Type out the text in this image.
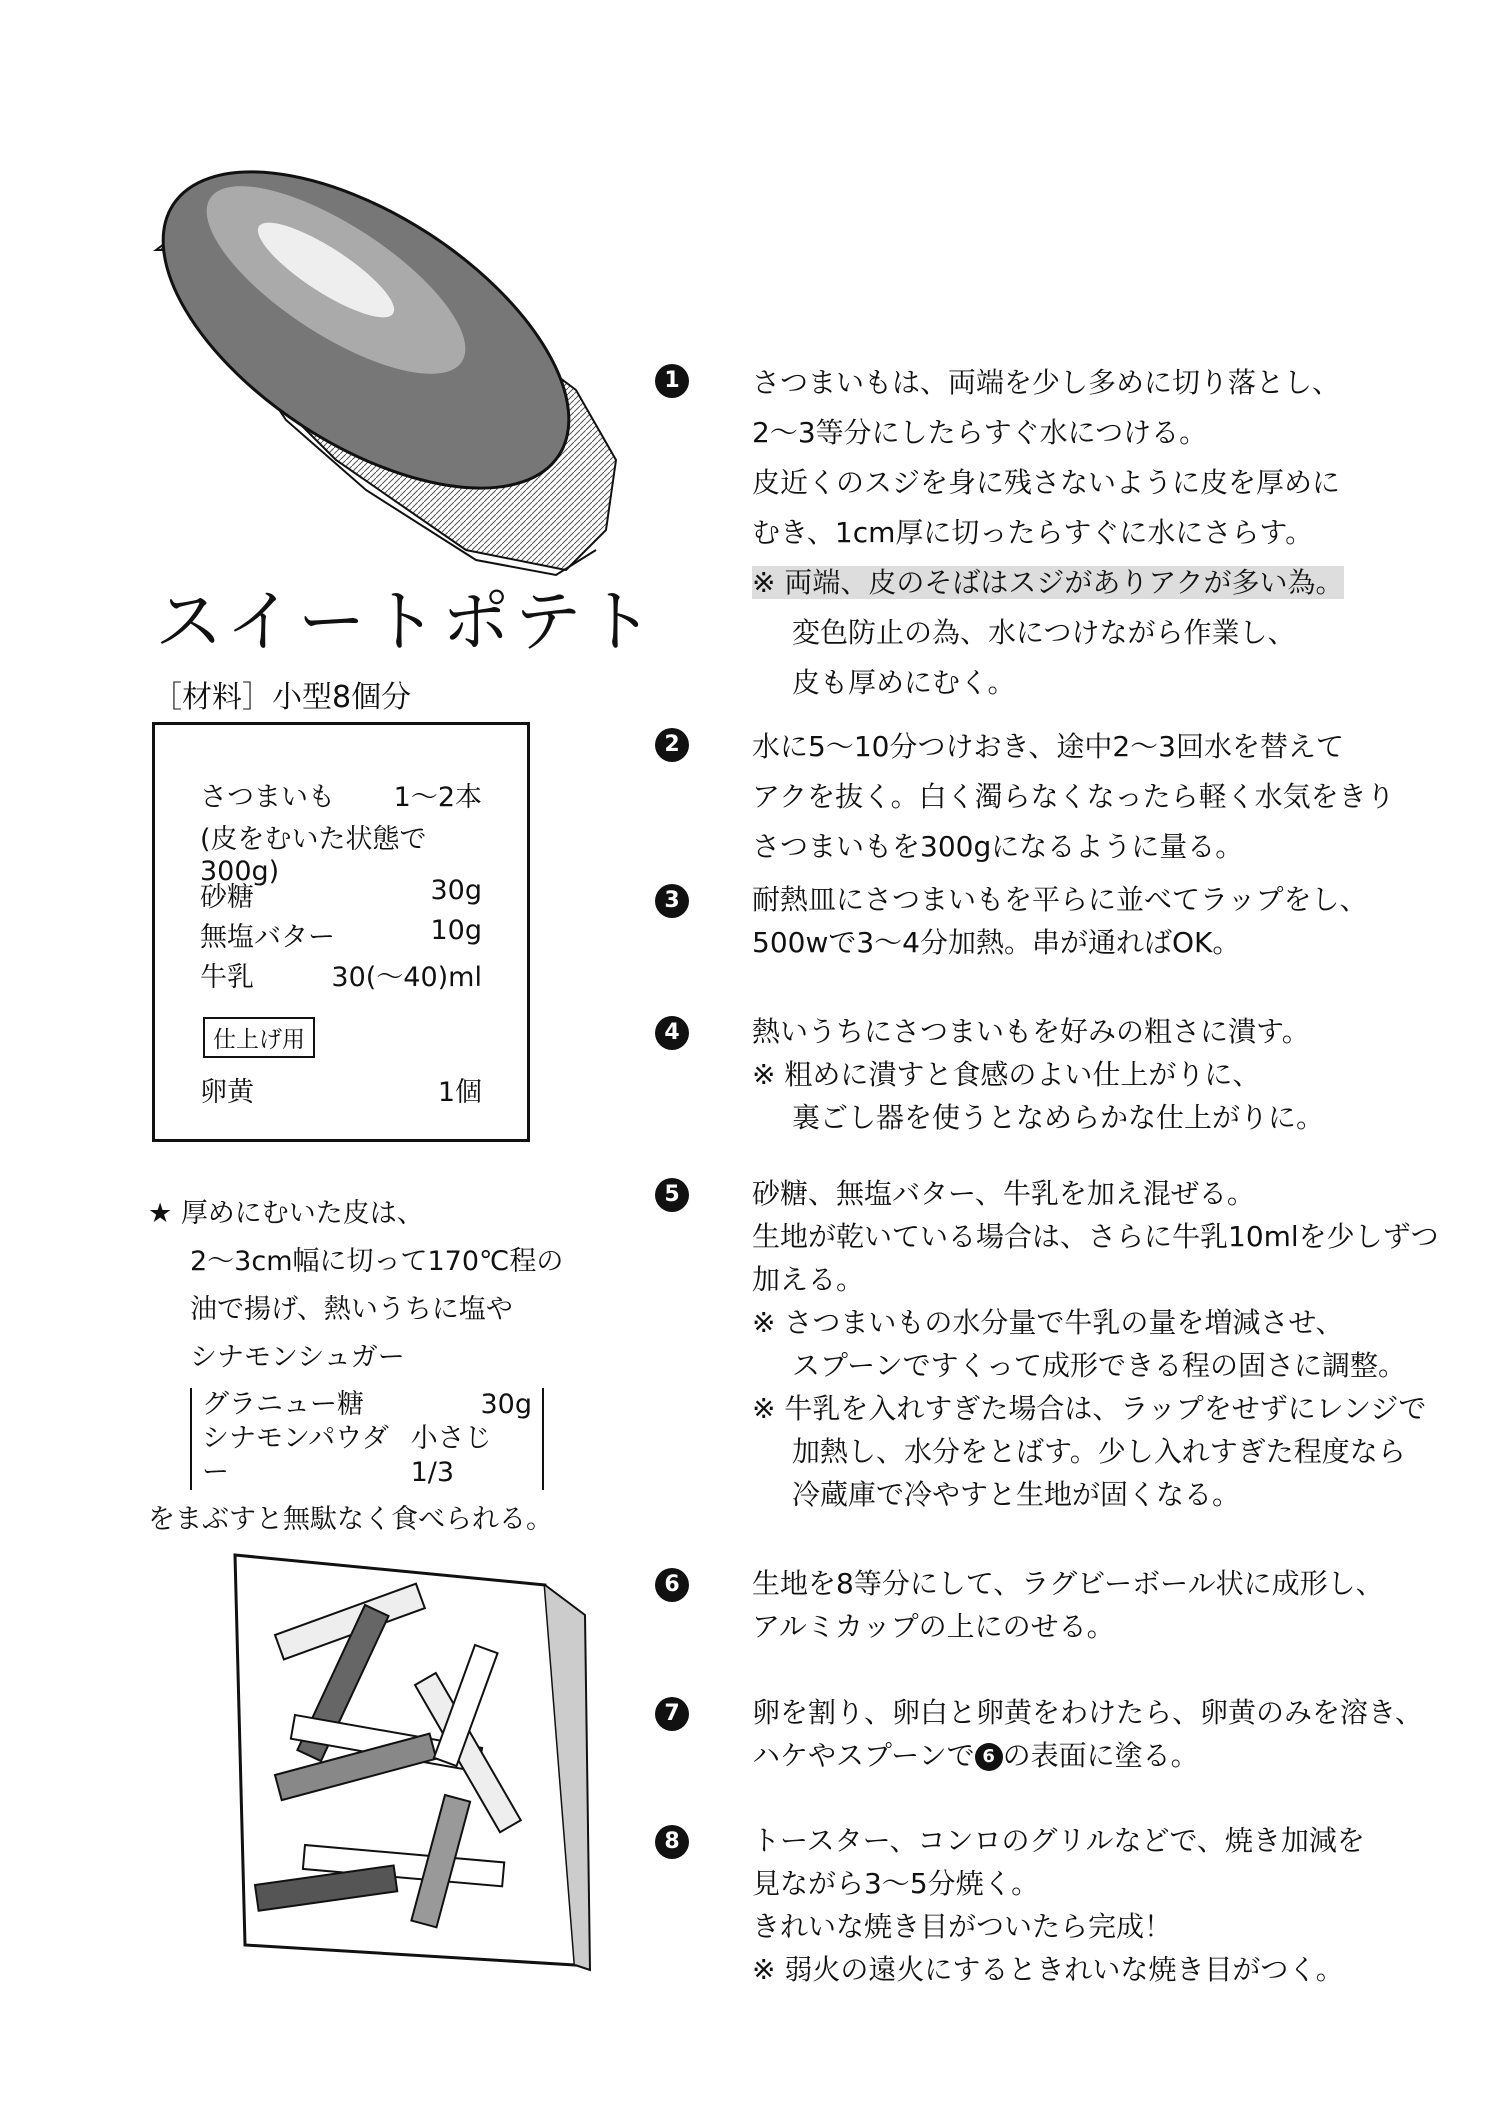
スイートポテト
［材料］小型8個分
さつまいも 1〜2本
(皮をむいた状態で300g)
砂糖	30g
無塩バター	10g
牛乳	30(〜40)ml
仕上げ用
卵黄	1個
★ 厚めにむいた皮は、
2〜3cm幅に切って170℃程の
油で揚げ、熱いうちに塩や
シナモンシュガー
グラニュー糖	30g
シナモンパウダー
小さじ1/3
をまぶすと無駄なく食べられる。
1	さつまいもは、両端を少し多めに切り落とし、
2〜3等分にしたらすぐ水につける。
皮近くのスジを身に残さないように皮を厚めに
むき、1cm厚に切ったらすぐに水にさらす。
※ 両端、皮のそばはスジがありアクが多い為。
変色防止の為、水につけながら作業し、
皮も厚めにむく。
2	水に5〜10分つけおき、途中2〜3回水を替えて
アクを抜く。白く濁らなくなったら軽く水気をきり
さつまいもを300gになるように量る。
3	耐熱皿にさつまいもを平らに並べてラップをし、
500wで3〜4分加熱。串が通ればOK。
4	熱いうちにさつまいもを好みの粗さに潰す。
※ 粗めに潰すと食感のよい仕上がりに、
裏ごし器を使うとなめらかな仕上がりに。
5	砂糖、無塩バター、牛乳を加え混ぜる。
生地が乾いている場合は、さらに牛乳10mlを少しずつ
加える。
※ さつまいもの水分量で牛乳の量を増減させ、
スプーンですくって成形できる程の固さに調整。
※ 牛乳を入れすぎた場合は、ラップをせずにレンジで
加熱し、水分をとばす。少し入れすぎた程度なら
冷蔵庫で冷やすと生地が固くなる。
6	生地を8等分にして、ラグビーボール状に成形し、
アルミカップの上にのせる。
7	卵を割り、卵白と卵黄をわけたら、卵黄のみを溶き、
ハケやスプーンで 6 の表面に塗る。
8	トースター、コンロのグリルなどで、焼き加減を
見ながら3〜5分焼く。
きれいな焼き目がついたら完成！
※ 弱火の遠火にするときれいな焼き目がつく。
